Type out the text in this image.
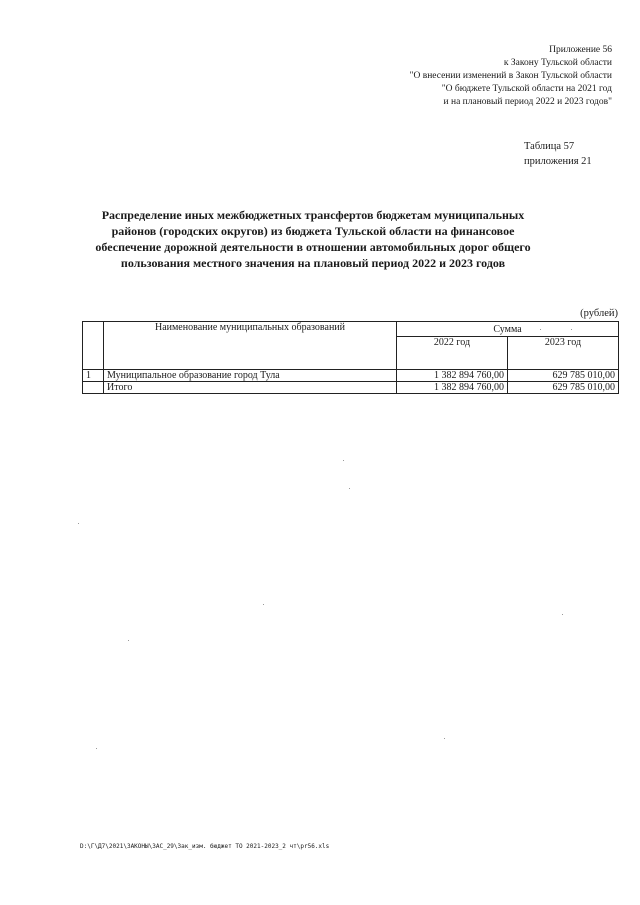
Приложение 56
к Закону Тульской области
"О внесении изменений в Закон Тульской области
"О бюджете Тульской области на 2021 год
и на плановый период 2022 и 2023 годов"
Таблица 57
приложения 21
Распределение иных межбюджетных трансфертов бюджетам муниципальных районов (городских округов) из бюджета Тульской области на финансовое обеспечение дорожной деятельности в отношении автомобильных дорог общего пользования местного значения на плановый период 2022 и 2023 годов
(рублей)
	Наименование муниципальных образований	Сумма	
		2022 год	2023 год
1	Муниципальное образование город Тула	1 382 894 760,00	629 785 010,00
	Итого	1 382 894 760,00	629 785 010,00
D:\Г\Д7\2021\ЗАКОНЫ\ЗАС_29\Зак_изм. бюджет ТО 2021-2023_2 чт\pr56.xls
